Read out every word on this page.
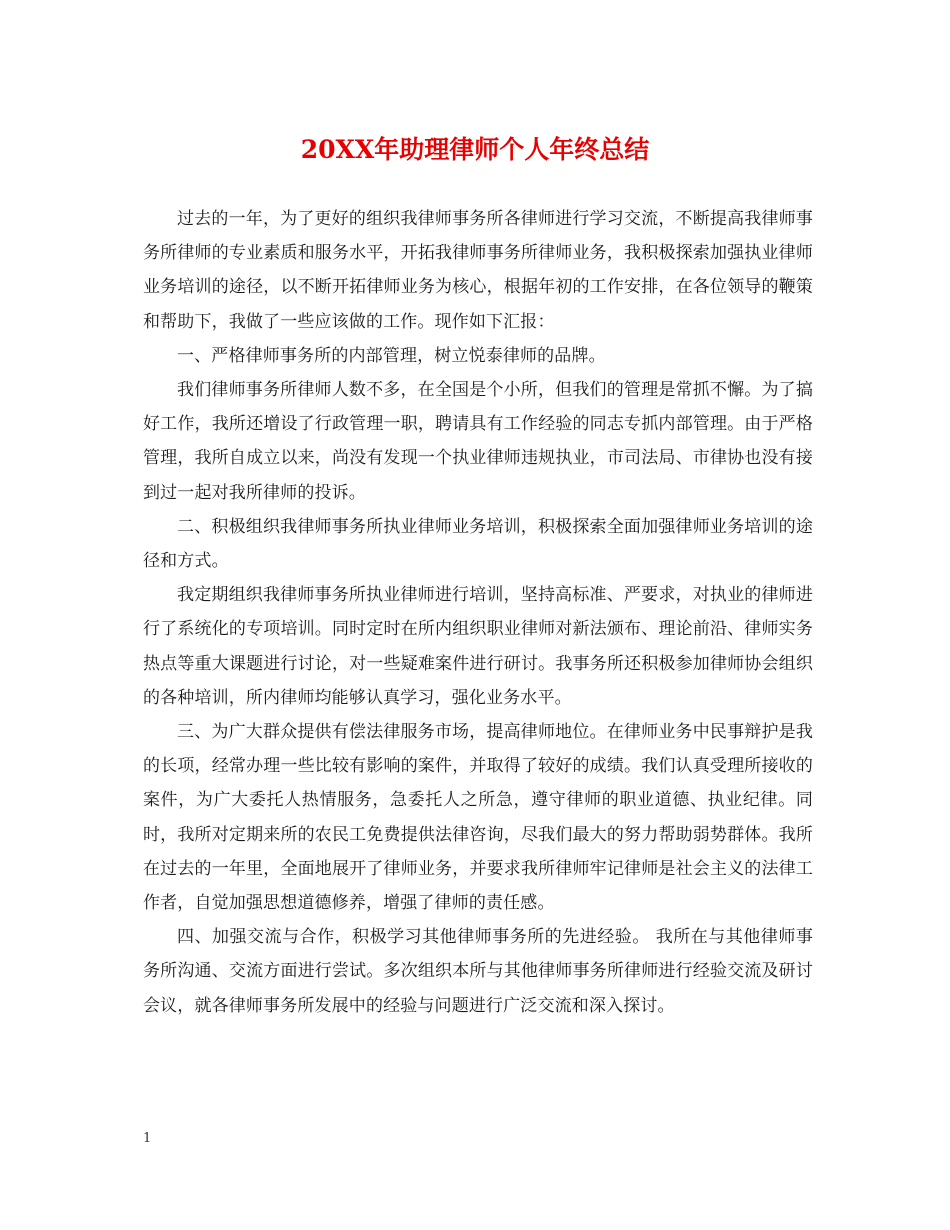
20XX年助理律师个人年终总结

过去的一年，为了更好的组织我律师事务所各律师进行学习交流，不断提高我律师事务所律师的专业素质和服务水平，开拓我律师事务所律师业务，我积极探索加强执业律师业务培训的途径，以不断开拓律师业务为核心，根据年初的工作安排，在各位领导的鞭策和帮助下，我做了一些应该做的工作。现作如下汇报：

一、严格律师事务所的内部管理，树立悦泰律师的品牌。

我们律师事务所律师人数不多，在全国是个小所，但我们的管理是常抓不懈。为了搞好工作，我所还增设了行政管理一职，聘请具有工作经验的同志专抓内部管理。由于严格管理，我所自成立以来，尚没有发现一个执业律师违规执业，市司法局、市律协也没有接到过一起对我所律师的投诉。

二、积极组织我律师事务所执业律师业务培训，积极探索全面加强律师业务培训的途径和方式。

我定期组织我律师事务所执业律师进行培训，坚持高标准、严要求，对执业的律师进行了系统化的专项培训。同时定时在所内组织职业律师对新法颁布、理论前沿、律师实务热点等重大课题进行讨论，对一些疑难案件进行研讨。我事务所还积极参加律师协会组织的各种培训，所内律师均能够认真学习，强化业务水平。

三、为广大群众提供有偿法律服务市场，提高律师地位。在律师业务中民事辩护是我的长项，经常办理一些比较有影响的案件，并取得了较好的成绩。我们认真受理所接收的案件，为广大委托人热情服务，急委托人之所急，遵守律师的职业道德、执业纪律。同时，我所对定期来所的农民工免费提供法律咨询，尽我们最大的努力帮助弱势群体。我所在过去的一年里，全面地展开了律师业务，并要求我所律师牢记律师是社会主义的法律工作者，自觉加强思想道德修养，增强了律师的责任感。

四、加强交流与合作，积极学习其他律师事务所的先进经验。 我所在与其他律师事务所沟通、交流方面进行尝试。多次组织本所与其他律师事务所律师进行经验交流及研讨会议，就各律师事务所发展中的经验与问题进行广泛交流和深入探讨。

1
